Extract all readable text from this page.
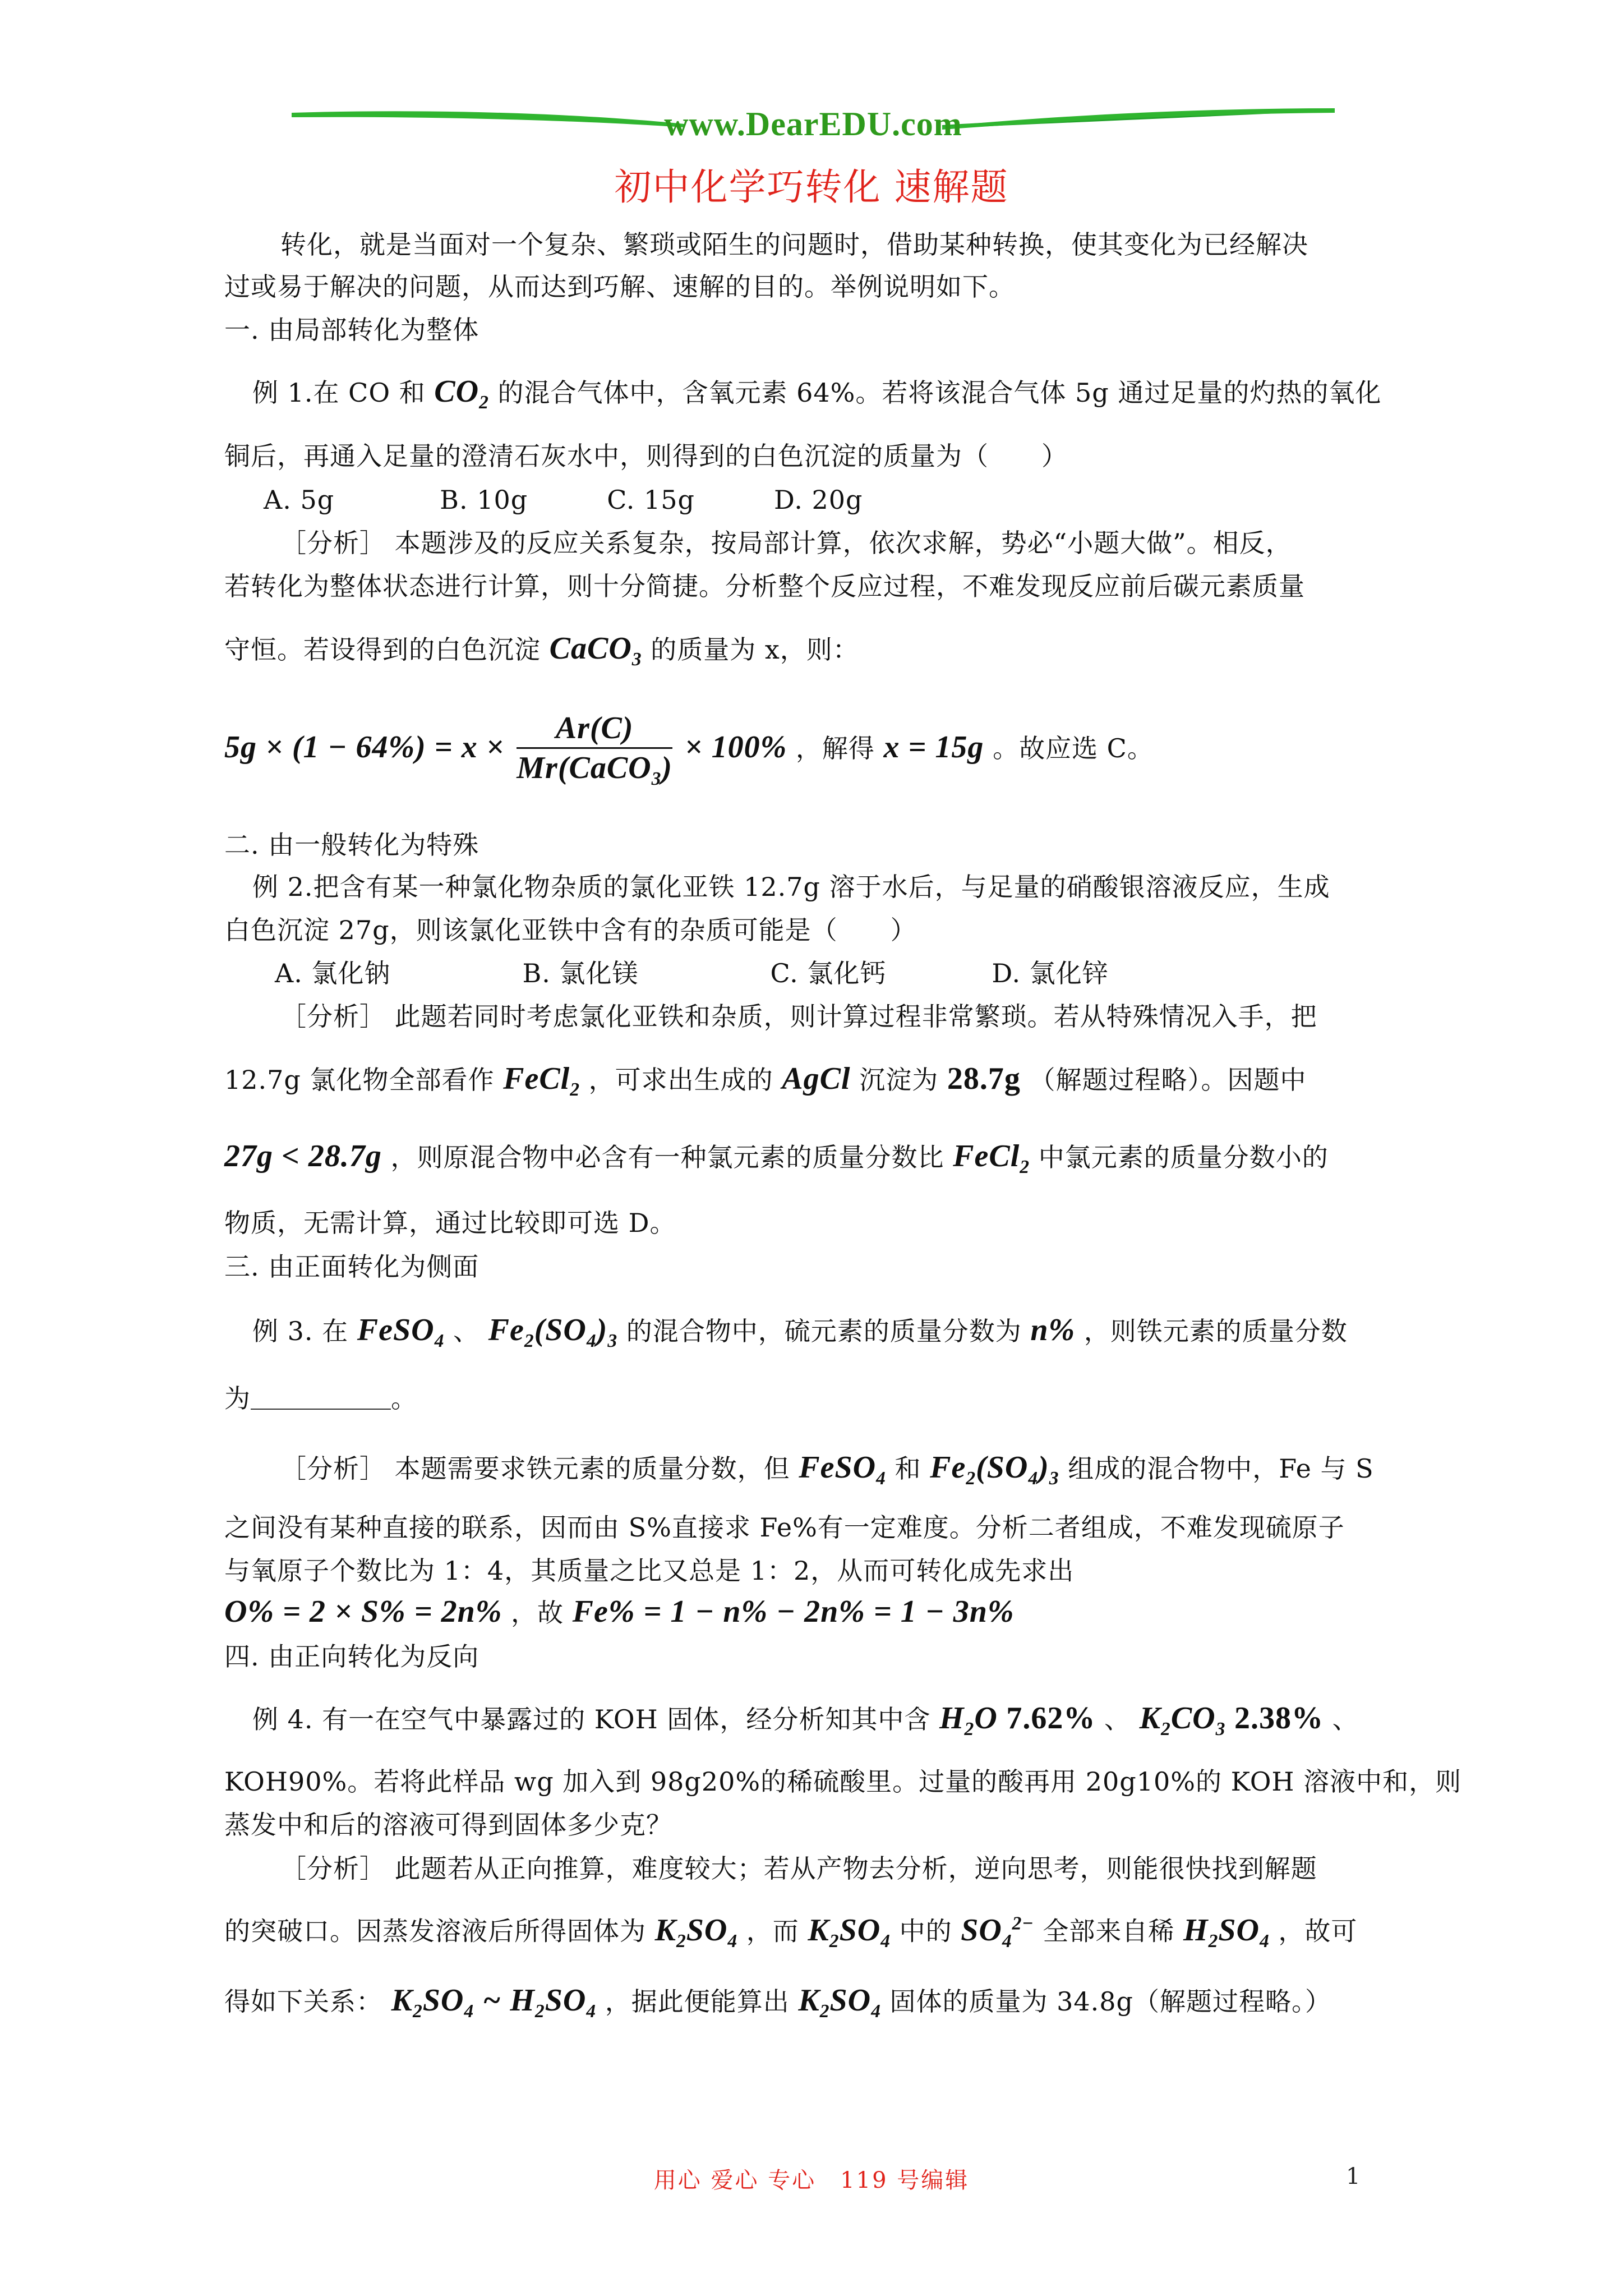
www.DearEDU.com
初中化学巧转化 速解题
转化，就是当面对一个复杂、繁琐或陌生的问题时，借助某种转换，使其变化为已经解决
过或易于解决的问题，从而达到巧解、速解的目的。举例说明如下。
一. 由局部转化为整体
例 1.在 CO 和 $CO_2$ 的混合气体中，含氧元素 64%。若将该混合气体 5g 通过足量的灼热的氧化
铜后，再通入足量的澄清石灰水中，则得到的白色沉淀的质量为（　　）
A. 5g　　　　B. 10g　　　C. 15g　　　D. 20g
［分析］ 本题涉及的反应关系复杂，按局部计算，依次求解，势必“小题大做”。相反，
若转化为整体状态进行计算，则十分简捷。分析整个反应过程，不难发现反应前后碳元素质量
守恒。若设得到的白色沉淀 CaCO$_3$ 的质量为 x，则：
$5g \times (1 - 64\%) = x \times \frac{Ar(C)}{Mr(CaCO_3)} \times 100\%$ ，解得 x = 15g 。故应选 C。
二. 由一般转化为特殊
例 2.把含有某一种氯化物杂质的氯化亚铁 12.7g 溶于水后，与足量的硝酸银溶液反应，生成
白色沉淀 27g，则该氯化亚铁中含有的杂质可能是（　　）
A. 氯化钠　　　　　B. 氯化镁　　　　　C. 氯化钙　　　　D. 氯化锌
［分析］ 此题若同时考虑氯化亚铁和杂质，则计算过程非常繁琐。若从特殊情况入手，把
12.7g 氯化物全部看作 FeCl$_2$ ，可求出生成的 AgCl 沉淀为 28.7g （解题过程略）。因题中
27g < 28.7g ，则原混合物中必含有一种氯元素的质量分数比 FeCl$_2$ 中氯元素的质量分数小的
物质，无需计算，通过比较即可选 D。
三. 由正面转化为侧面
例 3. 在 FeSO$_4$ 、 $Fe_2(SO_4)_3$ 的混合物中，硫元素的质量分数为 n% ，则铁元素的质量分数
为	。
［分析］ 本题需要求铁元素的质量分数，但 FeSO$_4$ 和 $Fe_2(SO_4)_3$ 组成的混合物中，Fe 与 S
之间没有某种直接的联系，因而由 S%直接求 Fe%有一定难度。分析二者组成，不难发现硫原子
与氧原子个数比为 1：4，其质量之比又总是 1：2，从而可转化成先求出
O% = 2 × S% = 2n% ，故 Fe% = 1 − n% − 2n% = 1 − 3n%
四. 由正向转化为反向
例 4. 有一在空气中暴露过的 KOH 固体，经分析知其中含 $H_2O$ 7.62% 、 $K_2CO_3$ 2.38% 、
KOH90%。若将此样品 wg 加入到 98g20%的稀硫酸里。过量的酸再用 20g10%的 KOH 溶液中和，则
蒸发中和后的溶液可得到固体多少克？
［分析］ 此题若从正向推算，难度较大；若从产物去分析，逆向思考，则能很快找到解题
的突破口。因蒸发溶液后所得固体为 $K_2SO_4$ ，而 $K_2SO_4$ 中的 $SO_4^{2-}$ 全部来自稀 $H_2SO_4$ ，故可
得如下关系： $K_2SO_4$ ~ $H_2SO_4$ ，据此便能算出 $K_2SO_4$ 固体的质量为 34.8g（解题过程略。）
用心 爱心 专心　119 号编辑	1
